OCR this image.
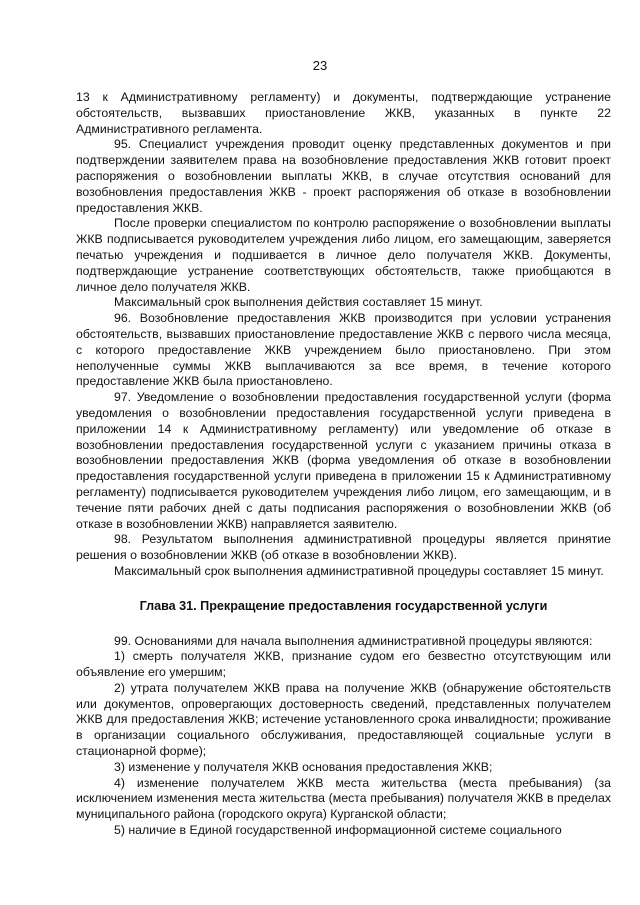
23

13 к Административному регламенту) и документы, подтверждающие устранение обстоятельств, вызвавших приостановление ЖКВ, указанных в пункте 22 Административного регламента.

95. Специалист учреждения проводит оценку представленных документов и при подтверждении заявителем права на возобновление предоставления ЖКВ готовит проект распоряжения о возобновлении выплаты ЖКВ, в случае отсутствия оснований для возобновления предоставления ЖКВ - проект распоряжения об отказе в возобновлении предоставления ЖКВ.

После проверки специалистом по контролю распоряжение о возобновлении выплаты ЖКВ подписывается руководителем учреждения либо лицом, его замещающим, заверяется печатью учреждения и подшивается в личное дело получателя ЖКВ. Документы, подтверждающие устранение соответствующих обстоятельств, также приобщаются в личное дело получателя ЖКВ.

Максимальный срок выполнения действия составляет 15 минут.

96. Возобновление предоставления ЖКВ производится при условии устранения обстоятельств, вызвавших приостановление предоставление ЖКВ с первого числа месяца, с которого предоставление ЖКВ учреждением было приостановлено. При этом неполученные суммы ЖКВ выплачиваются за все время, в течение которого предоставление ЖКВ была приостановлено.

97. Уведомление о возобновлении предоставления государственной услуги (форма уведомления о возобновлении предоставления государственной услуги приведена в приложении 14 к Административному регламенту) или уведомление об отказе в возобновлении предоставления государственной услуги с указанием причины отказа в возобновлении предоставления ЖКВ (форма уведомления об отказе в возобновлении предоставления государственной услуги приведена в приложении 15 к Административному регламенту) подписывается руководителем учреждения либо лицом, его замещающим, и в течение пяти рабочих дней с даты подписания распоряжения о возобновлении ЖКВ (об отказе в возобновлении ЖКВ) направляется заявителю.

98. Результатом выполнения административной процедуры является принятие решения о возобновлении ЖКВ (об отказе в возобновлении ЖКВ).

Максимальный срок выполнения административной процедуры составляет 15 минут.

Глава 31. Прекращение предоставления государственной услуги

99. Основаниями для начала выполнения административной процедуры являются:

1) смерть получателя ЖКВ, признание судом его безвестно отсутствующим или объявление его умершим;

2) утрата получателем ЖКВ права на получение ЖКВ (обнаружение обстоятельств или документов, опровергающих достоверность сведений, представленных получателем ЖКВ для предоставления ЖКВ; истечение установленного срока инвалидности; проживание в организации социального обслуживания, предоставляющей социальные услуги в стационарной форме);

3) изменение у получателя ЖКВ основания предоставления ЖКВ;

4) изменение получателем ЖКВ места жительства (места пребывания) (за исключением изменения места жительства (места пребывания) получателя ЖКВ в пределах муниципального района (городского округа) Курганской области;

5) наличие в Единой государственной информационной системе социального
